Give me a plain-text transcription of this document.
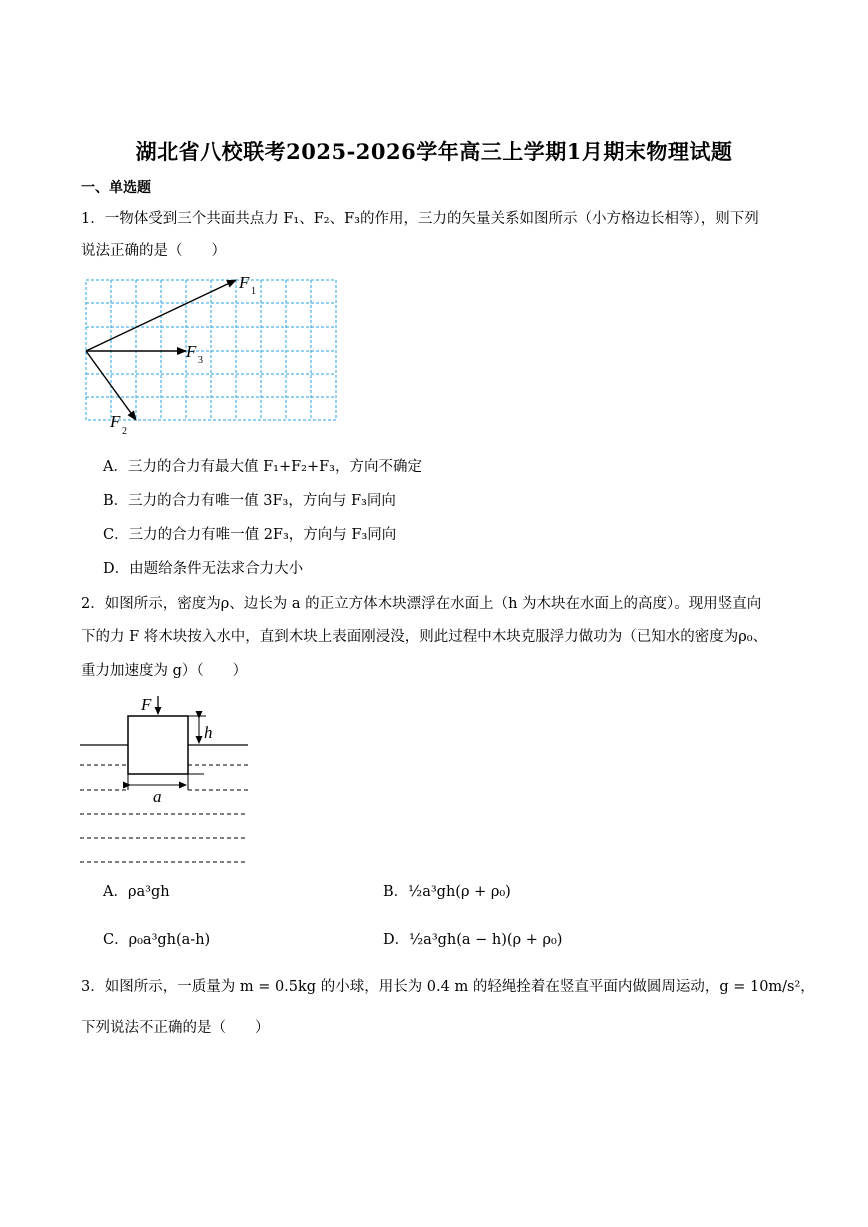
湖北省八校联考2025-2026学年高三上学期1月期末物理试题
一、单选题
1．一物体受到三个共面共点力 F₁、F₂、F₃的作用，三力的矢量关系如图所示（小方格边长相等），则下列
说法正确的是（　　）
F 1
F 3
F
2
A．三力的合力有最大值 F₁+F₂+F₃，方向不确定
B．三力的合力有唯一值 3F₃，方向与 F₃同向
C．三力的合力有唯一值 2F₃，方向与 F₃同向
D．由题给条件无法求合力大小
2．如图所示，密度为ρ、边长为 a 的正立方体木块漂浮在水面上（h 为木块在水面上的高度）。现用竖直向
下的力 F 将木块按入水中，直到木块上表面刚浸没，则此过程中木块克服浮力做功为（已知水的密度为ρ₀、
重力加速度为 g）（　　）
F
h
a
A．ρa³gh	B．½a³gh(ρ + ρ₀)
C．ρ₀a³gh(a-h)	D．½a³gh(a − h)(ρ + ρ₀)
3．如图所示，一质量为 m = 0.5kg 的小球，用长为 0.4 m 的轻绳拴着在竖直平面内做圆周运动，g = 10m/s²，
下列说法不正确的是（　　）
